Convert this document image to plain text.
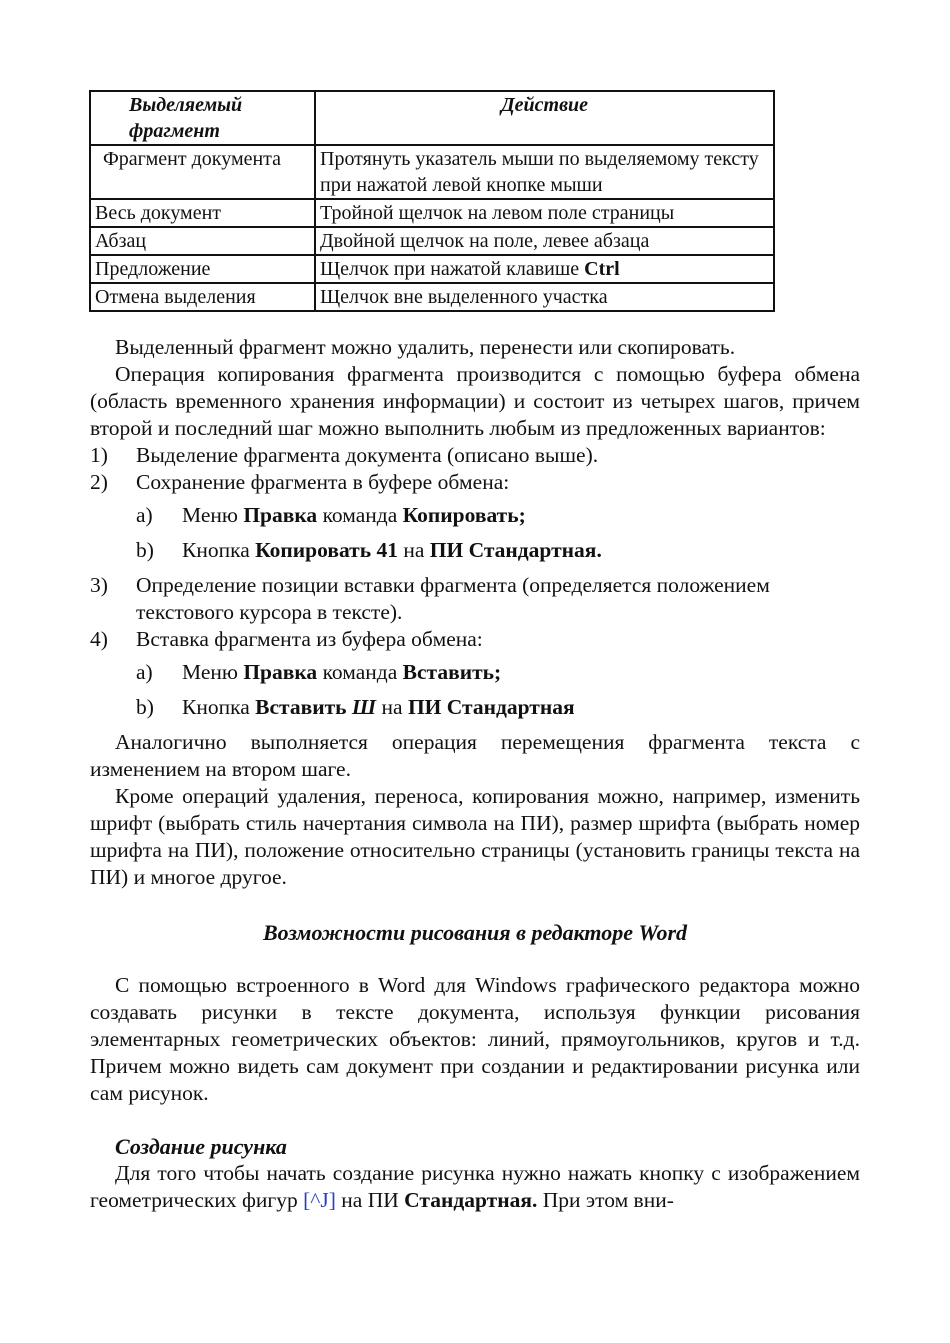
Выделяемый фрагмент	Действие
Фрагмент документа	Протянуть указатель мыши по выделяемому тексту при нажатой левой кнопке мыши
Весь документ	Тройной щелчок на левом поле страницы
Абзац	Двойной щелчок на поле, левее абзаца
Предложение	Щелчок при нажатой клавише Ctrl
Отмена выделения	Щелчок вне выделенного участка

Выделенный фрагмент можно удалить, перенести или скопировать.

Операция копирования фрагмента производится с помощью буфера обмена (область временного хранения информации) и состоит из четырех шагов, причем второй и последний шаг можно выполнить любым из предложенных вариантов:

1) Выделение фрагмента документа (описано выше).

2) Сохранение фрагмента в буфере обмена:

a) Меню Правка команда Копировать;

b) Кнопка Копировать 41 на ПИ Стандартная.

3) Определение позиции вставки фрагмента (определяется положением текстового курсора в тексте).

4) Вставка фрагмента из буфера обмена:

a) Меню Правка команда Вставить;

b) Кнопка Вставить Ш на ПИ Стандартная

Аналогично выполняется операция перемещения фрагмента текста с изменением на втором шаге.

Кроме операций удаления, переноса, копирования можно, например, изменить шрифт (выбрать стиль начертания символа на ПИ), размер шрифта (выбрать номер шрифта на ПИ), положение относительно страницы (установить границы текста на ПИ) и многое другое.

Возможности рисования в редакторе Word

С помощью встроенного в Word для Windows графического редактора можно создавать рисунки в тексте документа, используя функции рисования элементарных геометрических объектов: линий, прямоугольников, кругов и т.д. Причем можно видеть сам документ при создании и редактировании рисунка или сам рисунок.

Создание рисунка

Для того чтобы начать создание рисунка нужно нажать кнопку с изображением геометрических фигур [^J] на ПИ Стандартная. При этом вни-
